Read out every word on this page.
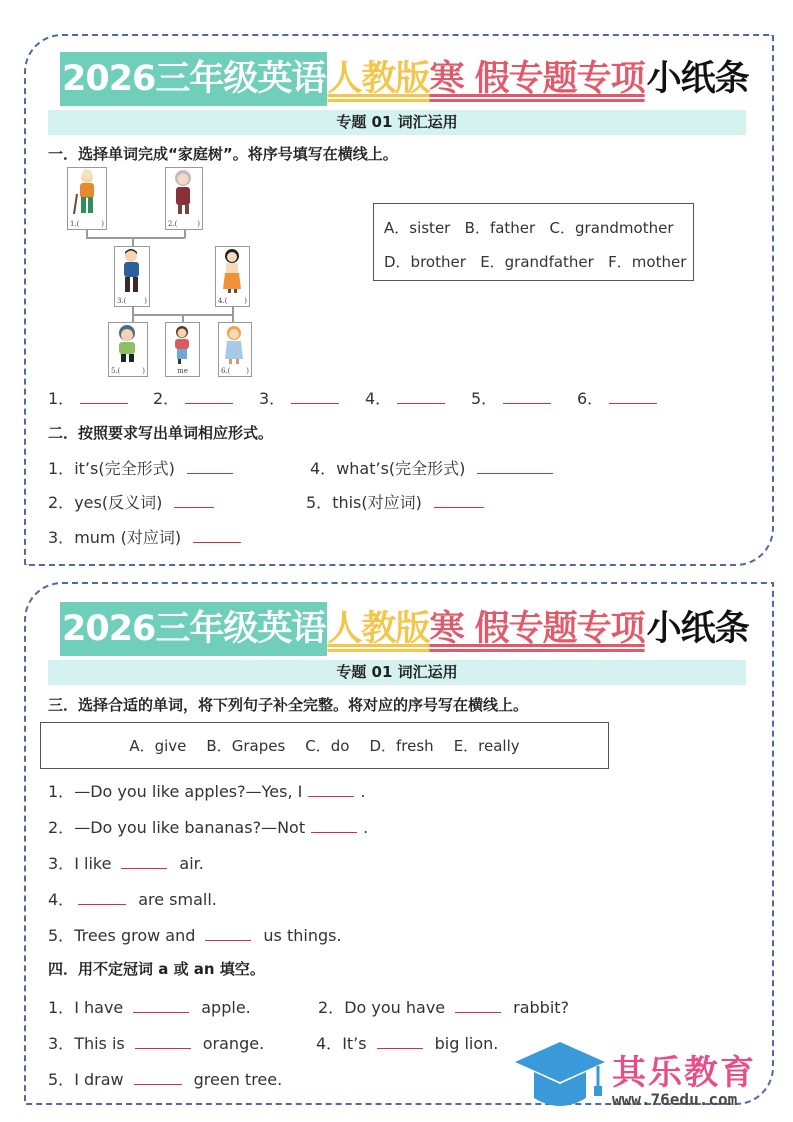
2026三年级英语 人教版 寒 假专题专项 小纸条
专题 01 词汇运用
一．选择单词完成“家庭树”。将序号填写在横线上。
1.(	)	2.(	)
3.(	)	4.( )
5.(	)	me	6.( )
A．sister B．father C．grandmother
D．brother E．grandfather F．mother
1．	2．	3．	4．	5．	6．
二．按照要求写出单词相应形式。
1．it’s(完全形式)
2．yes(反义词)
3．mum (对应词)
4．what’s(完全形式)
5．this(对应词)
2026三年级英语 人教版 寒 假专题专项 小纸条
专题 01 词汇运用
三．选择合适的单词，将下列句子补全完整。将对应的序号写在横线上。
A．give B．Grapes C．do D．fresh E．really
1．—Do you like apples?—Yes, I	.
2．—Do you like bananas?—Not	.
3．I like	air.
4．	are small.
5．Trees grow and	us things.
四．用不定冠词 a 或 an 填空。
1．I have	apple.	2．Do you have	rabbit?
3．This is	orange.	4．It’s	big lion.
5．I draw	green tree.	其乐教育
www.76edu.com
